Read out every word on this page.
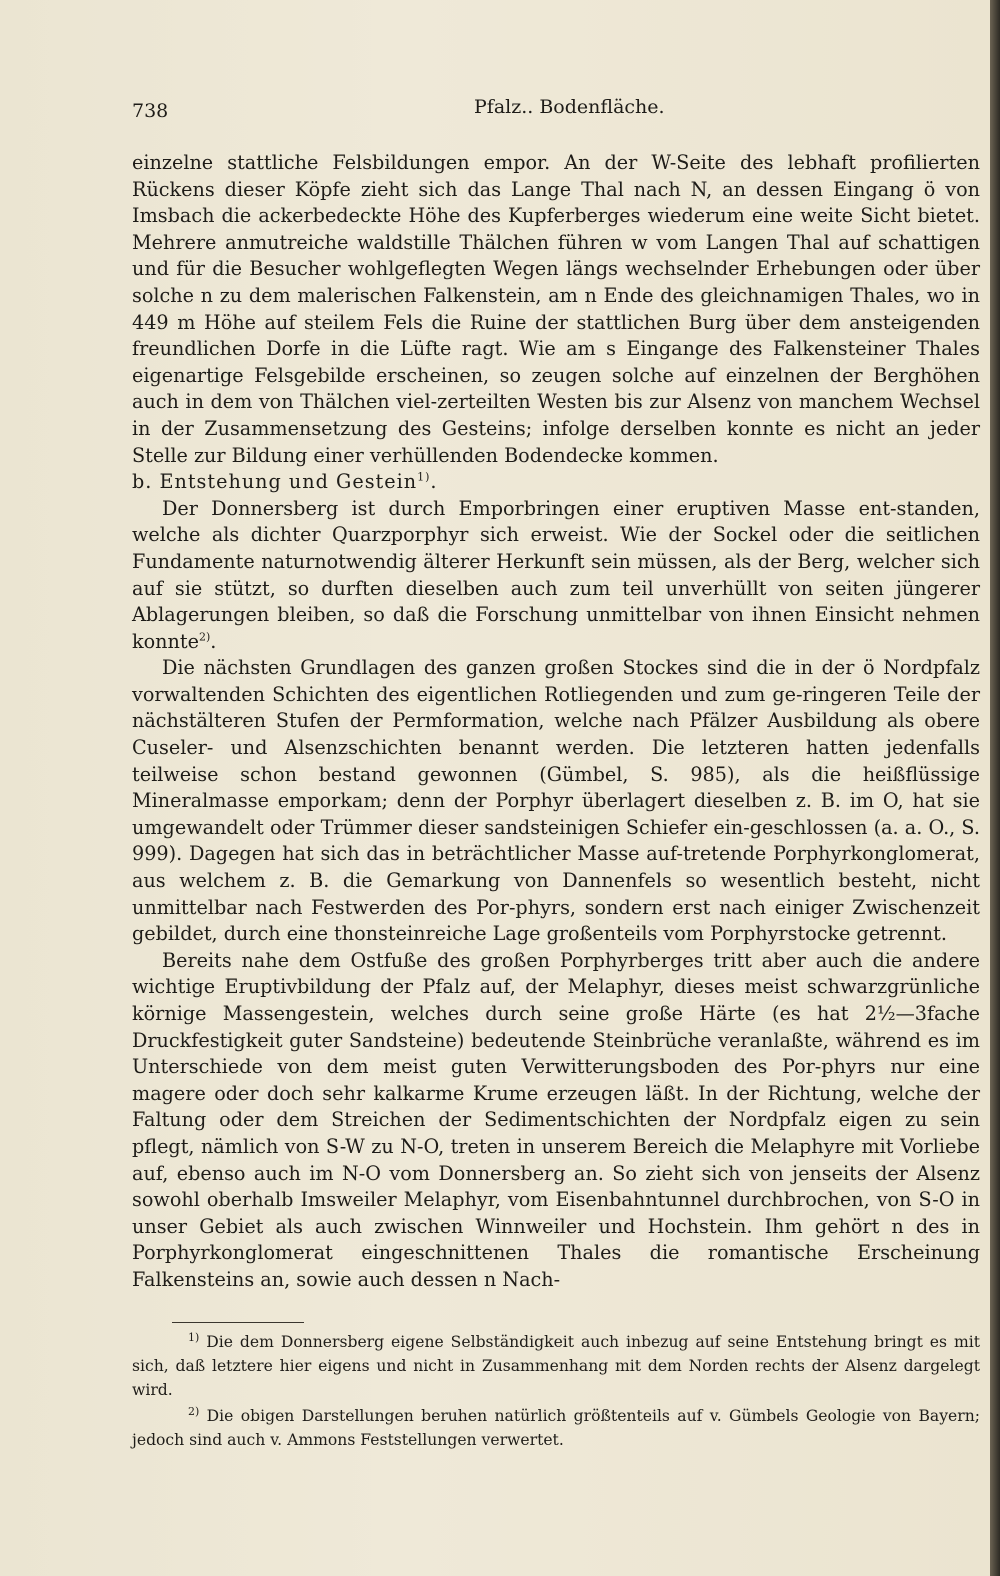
738	Pfalz.. Bodenfläche.

einzelne stattliche Felsbildungen empor. An der W-Seite des lebhaft profilierten Rückens dieser Köpfe zieht sich das Lange Thal nach N, an dessen Eingang ö von Imsbach die ackerbedeckte Höhe des Kupferberges wiederum eine weite Sicht bietet. Mehrere anmutreiche waldstille Thälchen führen w vom Langen Thal auf schattigen und für die Besucher wohlgeflegten Wegen längs wechselnder Erhebungen oder über solche n zu dem malerischen Falkenstein, am n Ende des gleichnamigen Thales, wo in 449 m Höhe auf steilem Fels die Ruine der stattlichen Burg über dem ansteigenden freundlichen Dorfe in die Lüfte ragt. Wie am s Eingange des Falkensteiner Thales eigenartige Felsgebilde erscheinen, so zeugen solche auf einzelnen der Berghöhen auch in dem von Thälchen viel-zerteilten Westen bis zur Alsenz von manchem Wechsel in der Zusammensetzung des Gesteins; infolge derselben konnte es nicht an jeder Stelle zur Bildung einer verhüllenden Bodendecke kommen.

b. Entstehung und Gestein$^{1)}$.

Der Donnersberg ist durch Emporbringen einer eruptiven Masse ent-standen, welche als dichter Quarzporphyr sich erweist. Wie der Sockel oder die seitlichen Fundamente naturnotwendig älterer Herkunft sein müssen, als der Berg, welcher sich auf sie stützt, so durften dieselben auch zum teil unverhüllt von seiten jüngerer Ablagerungen bleiben, so daß die Forschung unmittelbar von ihnen Einsicht nehmen konnte$^{2)}$.

Die nächsten Grundlagen des ganzen großen Stockes sind die in der ö Nordpfalz vorwaltenden Schichten des eigentlichen Rotliegenden und zum ge-ringeren Teile der nächstälteren Stufen der Permformation, welche nach Pfälzer Ausbildung als obere Cuseler- und Alsenzschichten benannt werden. Die letzteren hatten jedenfalls teilweise schon bestand gewonnen (Gümbel, S. 985), als die heißflüssige Mineralmasse emporkam; denn der Porphyr überlagert dieselben z. B. im O, hat sie umgewandelt oder Trümmer dieser sandsteinigen Schiefer ein-geschlossen (a. a. O., S. 999). Dagegen hat sich das in beträchtlicher Masse auf-tretende Porphyrkonglomerat, aus welchem z. B. die Gemarkung von Dannenfels so wesentlich besteht, nicht unmittelbar nach Festwerden des Por-phyrs, sondern erst nach einiger Zwischenzeit gebildet, durch eine thonsteinreiche Lage großenteils vom Porphyrstocke getrennt.

Bereits nahe dem Ostfuße des großen Porphyrberges tritt aber auch die andere wichtige Eruptivbildung der Pfalz auf, der Melaphyr, dieses meist schwarzgrünliche körnige Massengestein, welches durch seine große Härte (es hat 2½—3fache Druckfestigkeit guter Sandsteine) bedeutende Steinbrüche veranlaßte, während es im Unterschiede von dem meist guten Verwitterungsboden des Por-phyrs nur eine magere oder doch sehr kalkarme Krume erzeugen läßt. In der Richtung, welche der Faltung oder dem Streichen der Sedimentschichten der Nordpfalz eigen zu sein pflegt, nämlich von S-W zu N-O, treten in unserem Bereich die Melaphyre mit Vorliebe auf, ebenso auch im N-O vom Donnersberg an. So zieht sich von jenseits der Alsenz sowohl oberhalb Imsweiler Melaphyr, vom Eisenbahntunnel durchbrochen, von S-O in unser Gebiet als auch zwischen Winnweiler und Hochstein. Ihm gehört n des in Porphyrkonglomerat eingeschnittenen Thales die romantische Erscheinung Falkensteins an, sowie auch dessen n Nach-

$^{1)}$ Die dem Donnersberg eigene Selbständigkeit auch inbezug auf seine Entstehung bringt es mit sich, daß letztere hier eigens und nicht in Zusammenhang mit dem Norden rechts der Alsenz dargelegt wird.

$^{2)}$ Die obigen Darstellungen beruhen natürlich größtenteils auf v. Gümbels Geologie von Bayern; jedoch sind auch v. Ammons Feststellungen verwertet.
